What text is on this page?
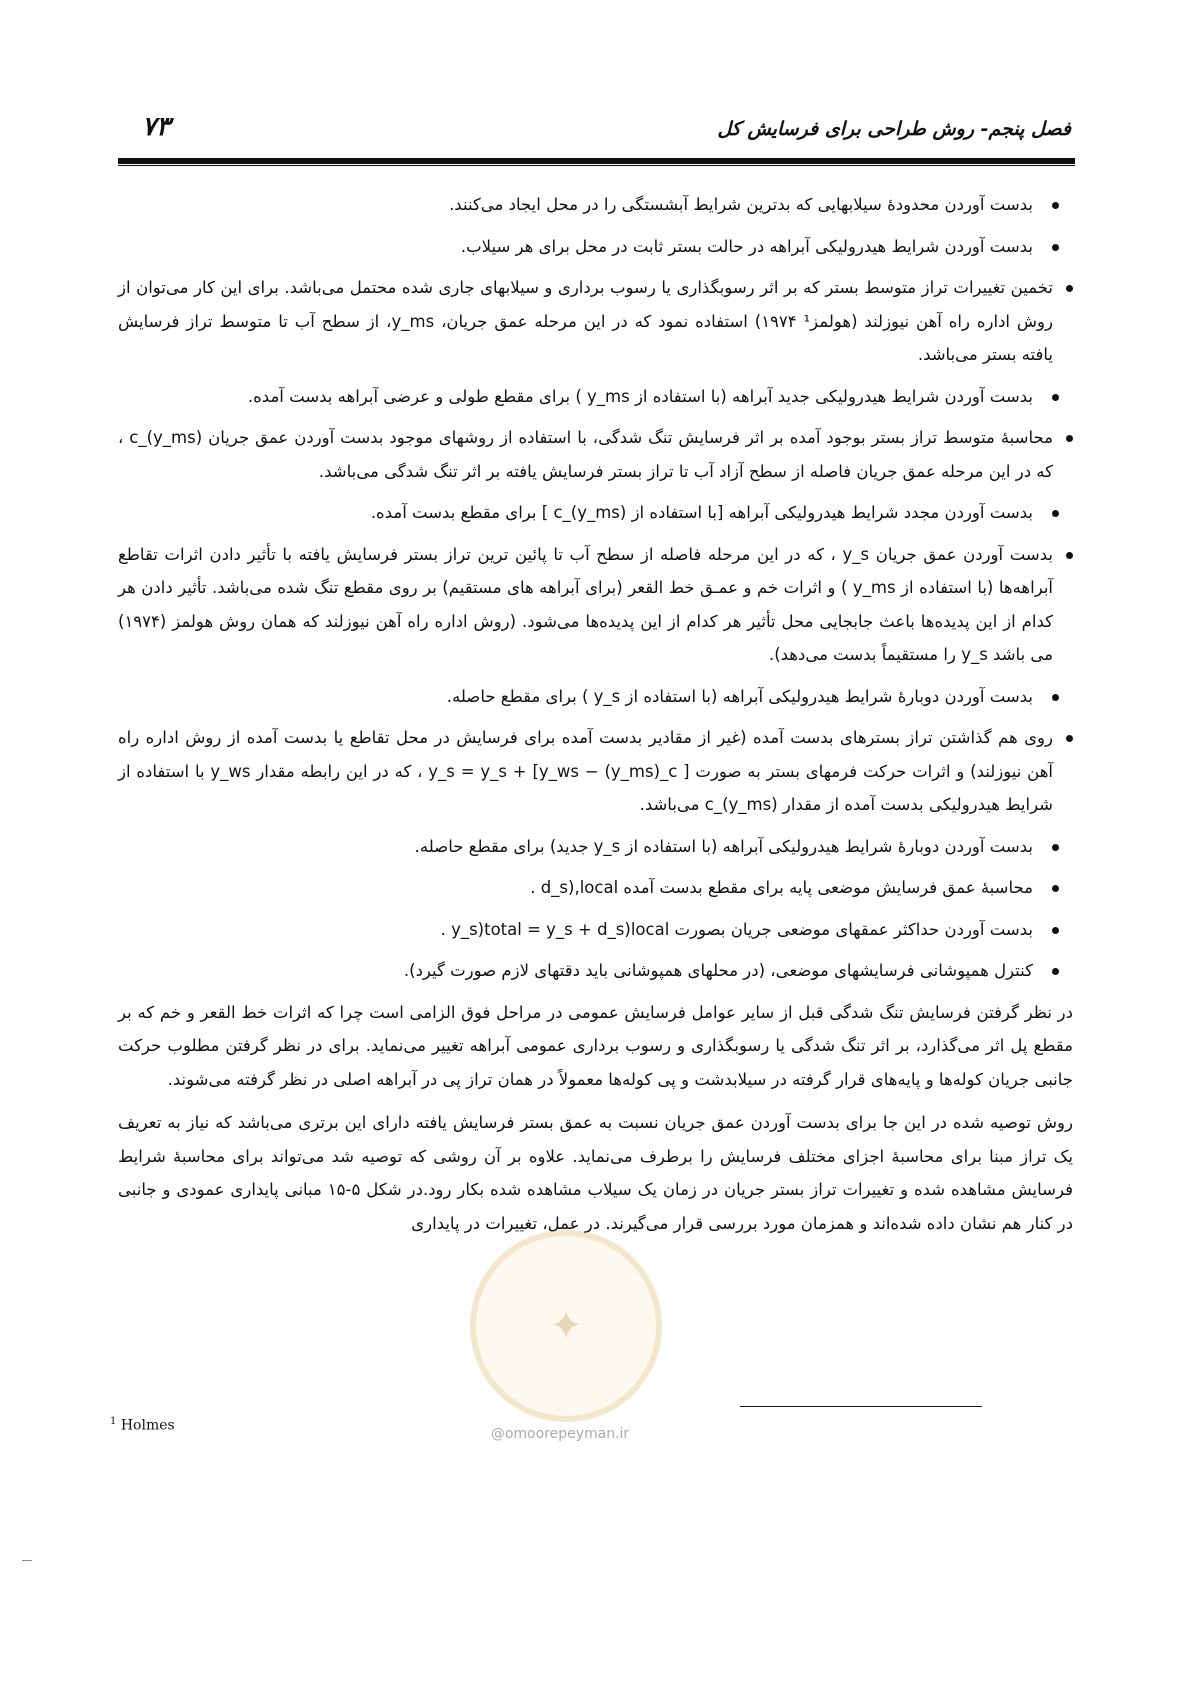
۷۳	فصل پنجم- روش طراحی برای فرسایش کل
بدست آوردن محدودهٔ سیلابهایی که بدترین شرایط آبشستگی را در محل ایجاد می‌کنند.
بدست آوردن شرایط هیدرولیکی آبراهه در حالت بستر ثابت در محل برای هر سیلاب.
تخمین تغییرات تراز متوسط بستر که بر اثر رسوبگذاری یا رسوب برداری و سیلابهای جاری شده محتمل می‌باشد. برای این کار می‌توان از روش اداره راه آهن نیوزلند (هولمز¹ ۱۹۷۴) استفاده نمود که در این مرحله عمق جریان، y_ms، از سطح آب تا متوسط تراز فرسایش یافته بستر می‌باشد.
بدست آوردن شرایط هیدرولیکی جدید آبراهه (با استفاده از y_ms ) برای مقطع طولی و عرضی آبراهه بدست آمده.
محاسبهٔ متوسط تراز بستر بوجود آمده بر اثر فرسایش تنگ شدگی، با استفاده از روشهای موجود بدست آوردن عمق جریان (y_ms)_c ، که در این مرحله عمق جریان فاصله از سطح آزاد آب تا تراز بستر فرسایش یافته بر اثر تنگ شدگی می‌باشد.
بدست آوردن مجدد شرایط هیدرولیکی آبراهه [با استفاده از (y_ms)_c ] برای مقطع بدست آمده.
بدست آوردن عمق جریان y_s ، که در این مرحله فاصله از سطح آب تا پائین ترین تراز بستر فرسایش یافته با تأثیر دادن اثرات تقاطع آبراهه‌ها (با استفاده از y_ms ) و اثرات خم و عمـق خط القعر (برای آبراهه های مستقیم) بر روی مقطع تنگ شده می‌باشد. تأثیر دادن هر کدام از این پدیده‌ها باعث جابجایی محل تأثیر هر کدام از این پدیده‌ها می‌شود. (روش اداره راه آهن نیوزلند که همان روش هولمز (۱۹۷۴) می باشد y_s را مستقیماً بدست می‌دهد).
بدست آوردن دوبارهٔ شرایط هیدرولیکی آبراهه (با استفاده از y_s ) برای مقطع حاصله.
روی هم گذاشتن تراز بسترهای بدست آمده (غیر از مقادیر بدست آمده برای فرسایش در محل تقاطع یا بدست آمده از روش اداره راه آهن نیوزلند) و اثرات حرکت فرمهای بستر به صورت [ y_s = y_s + [y_ws − (y_ms)_c ، که در این رابطه مقدار y_ws با استفاده از شرایط هیدرولیکی بدست آمده از مقدار (y_ms)_c می‌باشد.
بدست آوردن دوبارهٔ شرایط هیدرولیکی آبراهه (با استفاده از y_s جدید) برای مقطع حاصله.
محاسبهٔ عمق فرسایش موضعی پایه برای مقطع بدست آمده d_s),local .
بدست آوردن حداکثر عمقهای موضعی جریان بصورت y_s)total = y_s + d_s)local .
کنترل همپوشانی فرسایشهای موضعی، (در محلهای همپوشانی باید دقتهای لازم صورت گیرد).

در نظر گرفتن فرسایش تنگ شدگی قبل از سایر عوامل فرسایش عمومی در مراحل فوق الزامی است چرا که اثرات خط القعر و خم که بر مقطع پل اثر می‌گذارد، بر اثر تنگ شدگی یا رسوبگذاری و رسوب برداری عمومی آبراهه تغییر می‌نماید. برای در نظر گرفتن مطلوب حرکت جانبی جریان کوله‌ها و پایه‌های قرار گرفته در سیلابدشت و پی کوله‌ها معمولاً در همان تراز پی در آبراهه اصلی در نظر گرفته می‌شوند.

روش توصیه شده در این جا برای بدست آوردن عمق جریان نسبت به عمق بستر فرسایش یافته دارای این برتری می‌باشد که نیاز به تعریف یک تراز مبنا برای محاسبهٔ اجزای مختلف فرسایش را برطرف می‌نماید. علاوه بر آن روشی که توصیه شد می‌تواند برای محاسبهٔ شرایط فرسایش مشاهده شده و تغییرات تراز بستر جریان در زمان یک سیلاب مشاهده شده بکار رود.در شکل ۵-۱۵ مبانی پایداری عمودی و جانبی در کنار هم نشان داده شده‌اند و همزمان مورد بررسی قرار می‌گیرند. در عمل، تغییرات در پایداری

✦
@omoorepeyman.ir
$^1$ Holmes
